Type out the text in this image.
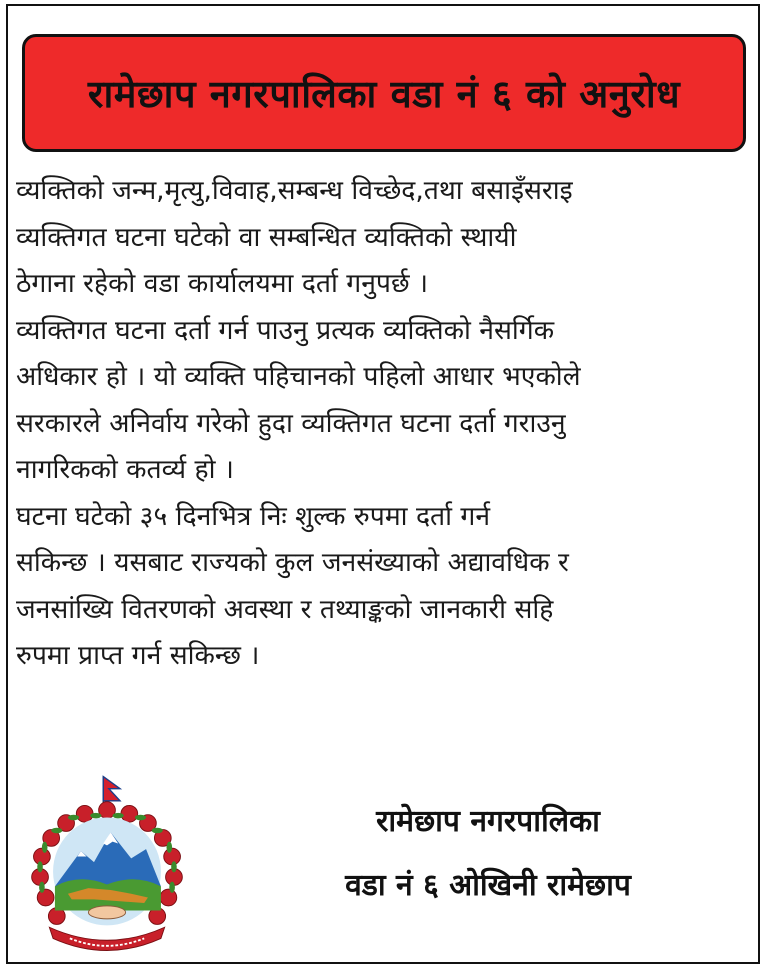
रामेछाप नगरपालिका वडा नं ६ को अनुरोध
व्यक्तिको जन्म,मृत्यु,विवाह,सम्बन्ध विच्छेद,तथा बसाइँसराइ
व्यक्तिगत घटना घटेको वा सम्बन्धित व्यक्तिको स्थायी
ठेगाना रहेको वडा कार्यालयमा दर्ता गनुपर्छ ।
व्यक्तिगत घटना दर्ता गर्न पाउनु प्रत्यक व्यक्तिको नैसर्गिक
अधिकार हो । यो व्यक्ति पहिचानको पहिलो आधार भएकोले
सरकारले अनिर्वाय गरेको हुदा व्यक्तिगत घटना दर्ता गराउनु
नागरिकको कतर्व्य हो ।
घटना घटेको ३५ दिनभित्र निः शुल्क रुपमा दर्ता गर्न
सकिन्छ । यसबाट राज्यको कुल जनसंख्याको अद्यावधिक र
जनसांख्यि वितरणको अवस्था र तथ्याङ्कको जानकारी सहि
रुपमा प्राप्त गर्न सकिन्छ ।
रामेछाप नगरपालिका
वडा नं ६ ओखिनी रामेछाप
